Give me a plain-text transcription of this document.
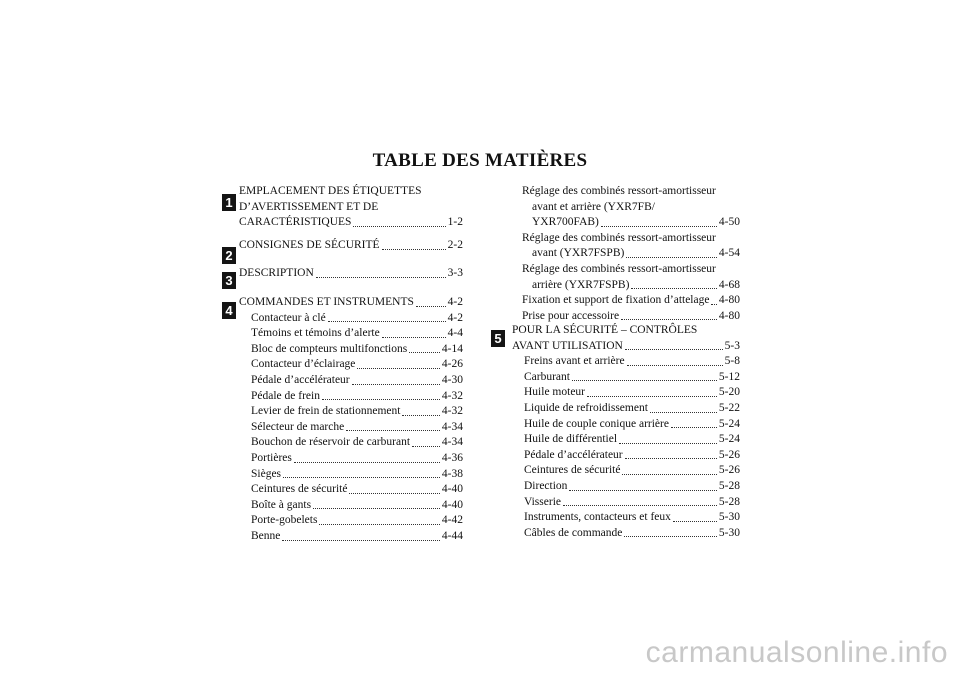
TABLE DES MATIÈRES
1
2
3
4
5
EMPLACEMENT DES ÉTIQUETTES
D’AVERTISSEMENT ET DE
CARACTÉRISTIQUES	1-2
CONSIGNES DE SÉCURITÉ	2-2
DESCRIPTION	3-3
COMMANDES ET INSTRUMENTS	4-2
Contacteur à clé	4-2
Témoins et témoins d’alerte	4-4
Bloc de compteurs multifonctions	4-14
Contacteur d’éclairage	4-26
Pédale d’accélérateur	4-30
Pédale de frein	4-32
Levier de frein de stationnement	4-32
Sélecteur de marche	4-34
Bouchon de réservoir de carburant	4-34
Portières	4-36
Sièges	4-38
Ceintures de sécurité	4-40
Boîte à gants	4-40
Porte-gobelets	4-42
Benne	4-44
Réglage des combinés ressort-amortisseur
avant et arrière (YXR7FB/
YXR700FAB)	4-50
Réglage des combinés ressort-amortisseur
avant (YXR7FSPB)	4-54
Réglage des combinés ressort-amortisseur
arrière (YXR7FSPB)	4-68
Fixation et support de fixation d’attelage 4-80
Prise pour accessoire	4-80
POUR LA SÉCURITÉ – CONTRÔLES
AVANT UTILISATION	5-3
Freins avant et arrière	5-8
Carburant	5-12
Huile moteur	5-20
Liquide de refroidissement	5-22
Huile de couple conique arrière	5-24
Huile de différentiel	5-24
Pédale d’accélérateur	5-26
Ceintures de sécurité	5-26
Direction	5-28
Visserie	5-28
Instruments, contacteurs et feux	5-30
Câbles de commande	5-30
carmanualsonline.info
